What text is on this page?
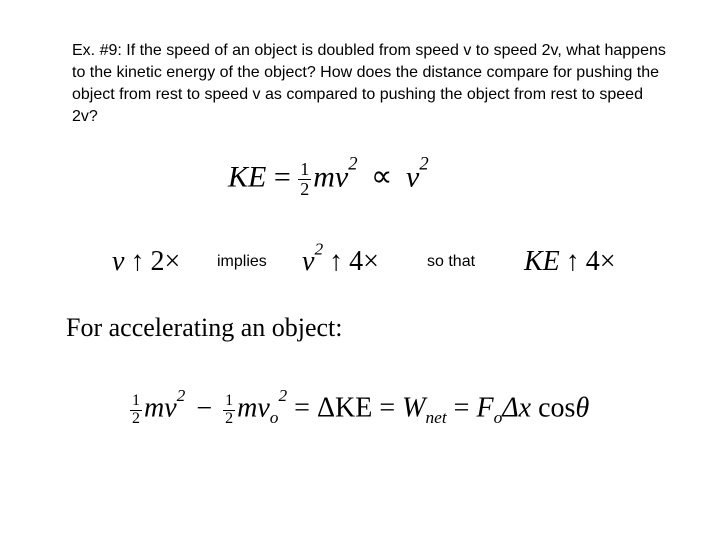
Ex. #9: If the speed of an object is doubled from speed v to speed 2v, what happens to the kinetic energy of the object? How does the distance compare for pushing the object from rest to speed v as compared to pushing the object from rest to speed 2v?
KE = $\frac{1}{2} mv^2 \propto v^2$
v ↑ 2× implies $v^2$ ↑ 4×	so that KE ↑ 4×
For accelerating an object:
$\frac{1}{2} mv^2 - \frac{1}{2} mv_o^2 = \Delta KE = W_{net} = F_o\Delta x$ cosθ
